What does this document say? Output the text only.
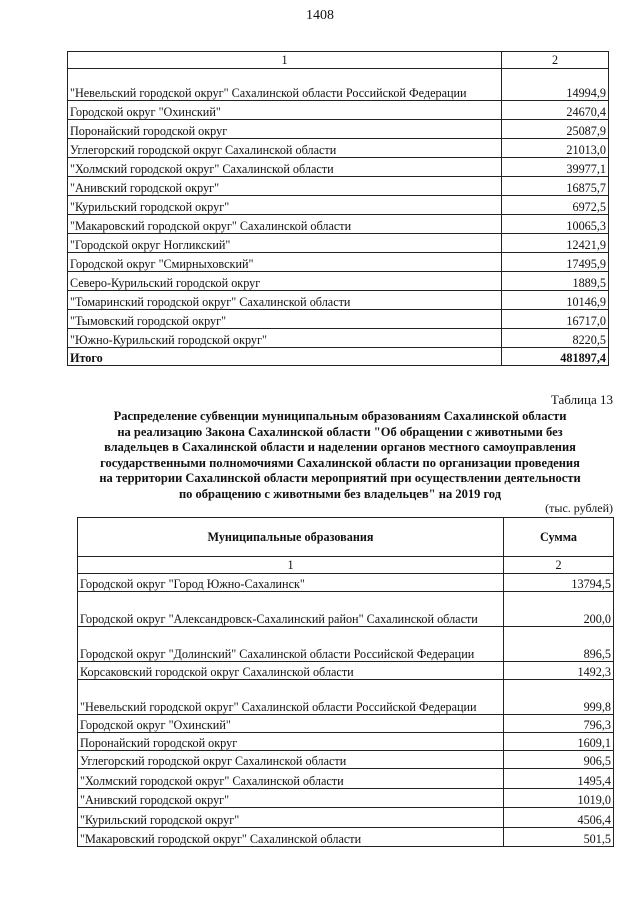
1408
1	2
"Невельский городской округ" Сахалинской области Российской Федерации	14994,9
Городской округ "Охинский"	24670,4
Поронайский городской округ	25087,9
Углегорский городской округ Сахалинской области	21013,0
"Холмский городской округ" Сахалинской области	39977,1
"Анивский городской округ"	16875,7
"Курильский городской округ"	6972,5
"Макаровский городской округ" Сахалинской области	10065,3
"Городской округ Ногликский"	12421,9
Городской округ "Смирныховский"	17495,9
Северо-Курильский городской округ	1889,5
"Томаринский городской округ" Сахалинской области	10146,9
"Тымовский городской округ"	16717,0
"Южно-Курильский городской округ"	8220,5
Итого	481897,4
Таблица 13
Распределение субвенции муниципальным образованиям Сахалинской области
на реализацию Закона Сахалинской области "Об обращении с животными без
владельцев в Сахалинской области и наделении органов местного самоуправления
государственными полномочиями Сахалинской области по организации проведения
на территории Сахалинской области мероприятий при осуществлении деятельности
по обращению с животными без владельцев" на 2019 год
(тыс. рублей)
Муниципальные образования	Сумма
1	2
Городской округ "Город Южно-Сахалинск"	13794,5
Городской округ "Александровск-Сахалинский район" Сахалинской области	200,0
Городской округ "Долинский" Сахалинской области Российской Федерации	896,5
Корсаковский городской округ Сахалинской области	1492,3
"Невельский городской округ" Сахалинской области Российской Федерации	999,8
Городской округ "Охинский"	796,3
Поронайский городской округ	1609,1
Углегорский городской округ Сахалинской области	906,5
"Холмский городской округ" Сахалинской области	1495,4
"Анивский городской округ"	1019,0
"Курильский городской округ"	4506,4
"Макаровский городской округ" Сахалинской области	501,5
